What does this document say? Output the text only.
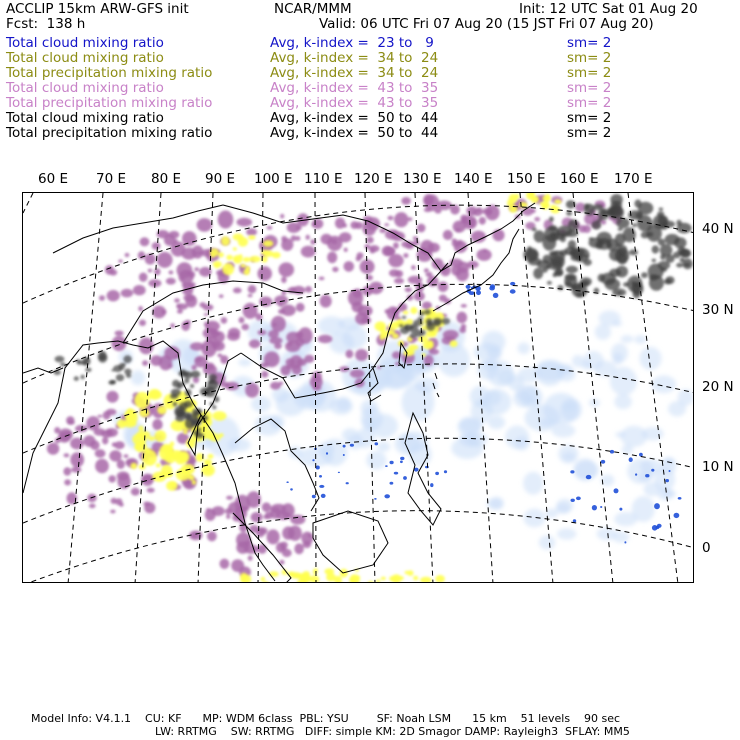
ACCLIP 15km ARW-GFS init	NCAR/MMM	Init: 12 UTC Sat 01 Aug 20
Fcst:  138 h	Valid: 06 UTC Fri 07 Aug 20 (15 JST Fri 07 Aug 20)
Total cloud mixing ratio	Avg, k-index =  23 to   9	sm= 2
Total cloud mixing ratio	Avg, k-index =  34 to  24	sm= 2
Total precipitation mixing ratio	Avg, k-index =  34 to  24	sm= 2
Total cloud mixing ratio	Avg, k-index =  43 to  35	sm= 2
Total precipitation mixing ratio	Avg, k-index =  43 to  35	sm= 2
Total cloud mixing ratio	Avg, k-index =  50 to  44	sm= 2
Total precipitation mixing ratio	Avg, k-index =  50 to  44	sm= 2
60 E 70 E 80 E 90 E 100 E 110 E 120 E 130 E 140 E 150 E 160 E 170 E
40 N
30 N
20 N
10 N
0
Model Info: V4.1.1    CU: KF      MP: WDM 6class  PBL: YSU        SF: Noah LSM      15 km    51 levels    90 sec
LW: RRTMG    SW: RRTMG   DIFF: simple KM: 2D Smagor DAMP: Rayleigh3  SFLAY: MM5
